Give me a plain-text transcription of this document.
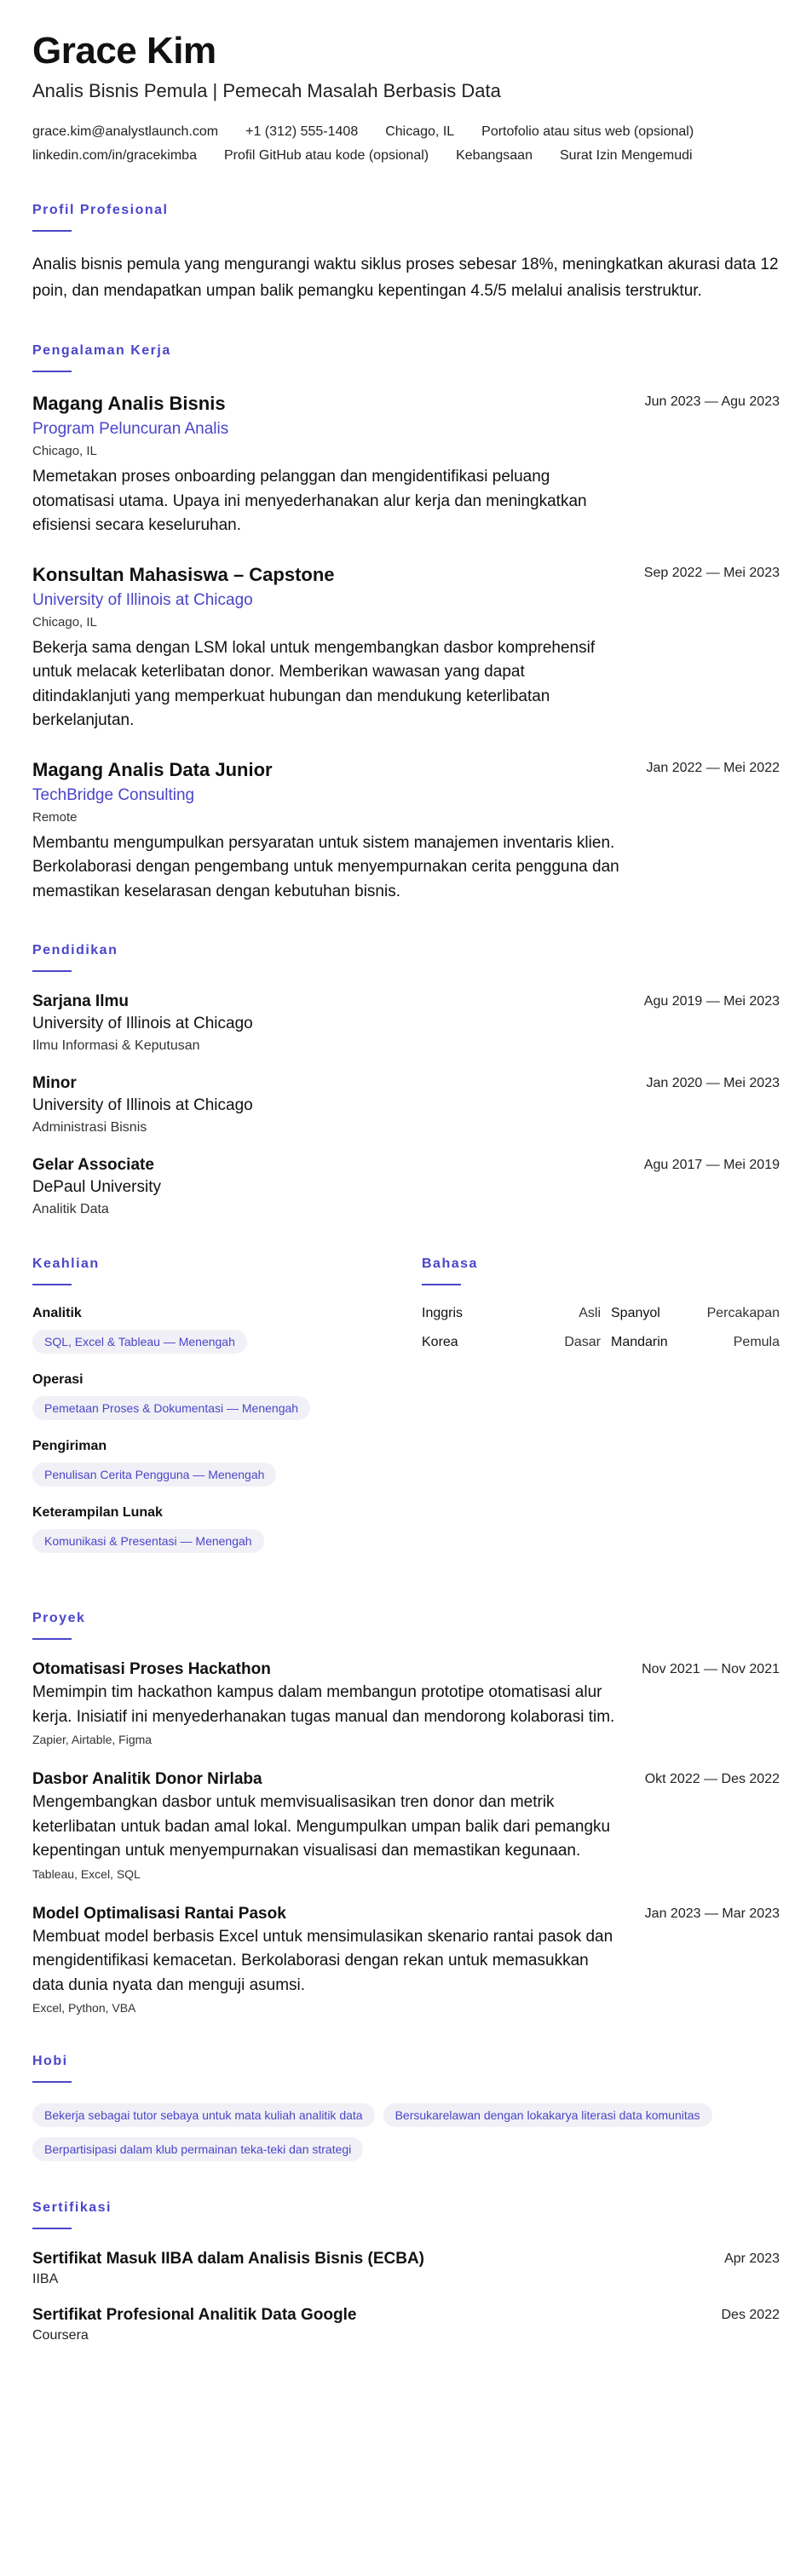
Grace Kim
Analis Bisnis Pemula | Pemecah Masalah Berbasis Data
grace.kim@analystlaunch.com +1 (312) 555-1408 Chicago, IL Portofolio atau situs web (opsional)
linkedin.com/in/gracekimba Profil GitHub atau kode (opsional) Kebangsaan Surat Izin Mengemudi
Profil Profesional

Analis bisnis pemula yang mengurangi waktu siklus proses sebesar 18%, meningkatkan akurasi data 12 poin, dan mendapatkan umpan balik pemangku kepentingan 4.5/5 melalui analisis terstruktur.

Pengalaman Kerja
Jun 2023 — Agu 2023
Magang Analis Bisnis
Program Peluncuran Analis
Chicago, IL
Memetakan proses onboarding pelanggan dan mengidentifikasi peluang otomatisasi utama. Upaya ini menyederhanakan alur kerja dan meningkatkan efisiensi secara keseluruhan.
Sep 2022 — Mei 2023
Konsultan Mahasiswa – Capstone
University of Illinois at Chicago
Chicago, IL
Bekerja sama dengan LSM lokal untuk mengembangkan dasbor komprehensif untuk melacak keterlibatan donor. Memberikan wawasan yang dapat ditindaklanjuti yang memperkuat hubungan dan mendukung keterlibatan berkelanjutan.
Jan 2022 — Mei 2022
Magang Analis Data Junior
TechBridge Consulting
Remote
Membantu mengumpulkan persyaratan untuk sistem manajemen inventaris klien. Berkolaborasi dengan pengembang untuk menyempurnakan cerita pengguna dan memastikan keselarasan dengan kebutuhan bisnis.
Pendidikan
Agu 2019 — Mei 2023
Sarjana Ilmu
University of Illinois at Chicago
Ilmu Informasi & Keputusan
Jan 2020 — Mei 2023
Minor
University of Illinois at Chicago
Administrasi Bisnis
Agu 2017 — Mei 2019
Gelar Associate
DePaul University
Analitik Data
Keahlian
Analitik
SQL, Excel & Tableau — Menengah
Operasi
Pemetaan Proses & Dokumentasi — Menengah
Pengiriman
Penulisan Cerita Pengguna — Menengah
Keterampilan Lunak
Komunikasi & Presentasi — Menengah
Bahasa
Inggris	Asli Spanyol	Percakapan
Korea	Dasar Mandarin	Pemula
Proyek
Nov 2021 — Nov 2021
Otomatisasi Proses Hackathon
Memimpin tim hackathon kampus dalam membangun prototipe otomatisasi alur kerja. Inisiatif ini menyederhanakan tugas manual dan mendorong kolaborasi tim.
Zapier, Airtable, Figma
Okt 2022 — Des 2022
Dasbor Analitik Donor Nirlaba
Mengembangkan dasbor untuk memvisualisasikan tren donor dan metrik keterlibatan untuk badan amal lokal. Mengumpulkan umpan balik dari pemangku kepentingan untuk menyempurnakan visualisasi dan memastikan kegunaan.
Tableau, Excel, SQL
Jan 2023 — Mar 2023
Model Optimalisasi Rantai Pasok
Membuat model berbasis Excel untuk mensimulasikan skenario rantai pasok dan mengidentifikasi kemacetan. Berkolaborasi dengan rekan untuk memasukkan data dunia nyata dan menguji asumsi.
Excel, Python, VBA
Hobi
Bekerja sebagai tutor sebaya untuk mata kuliah analitik data	Bersukarelawan dengan lokakarya literasi data komunitas
Berpartisipasi dalam klub permainan teka-teki dan strategi
Sertifikasi
Apr 2023
Sertifikat Masuk IIBA dalam Analisis Bisnis (ECBA)
IIBA
Des 2022
Sertifikat Profesional Analitik Data Google
Coursera
